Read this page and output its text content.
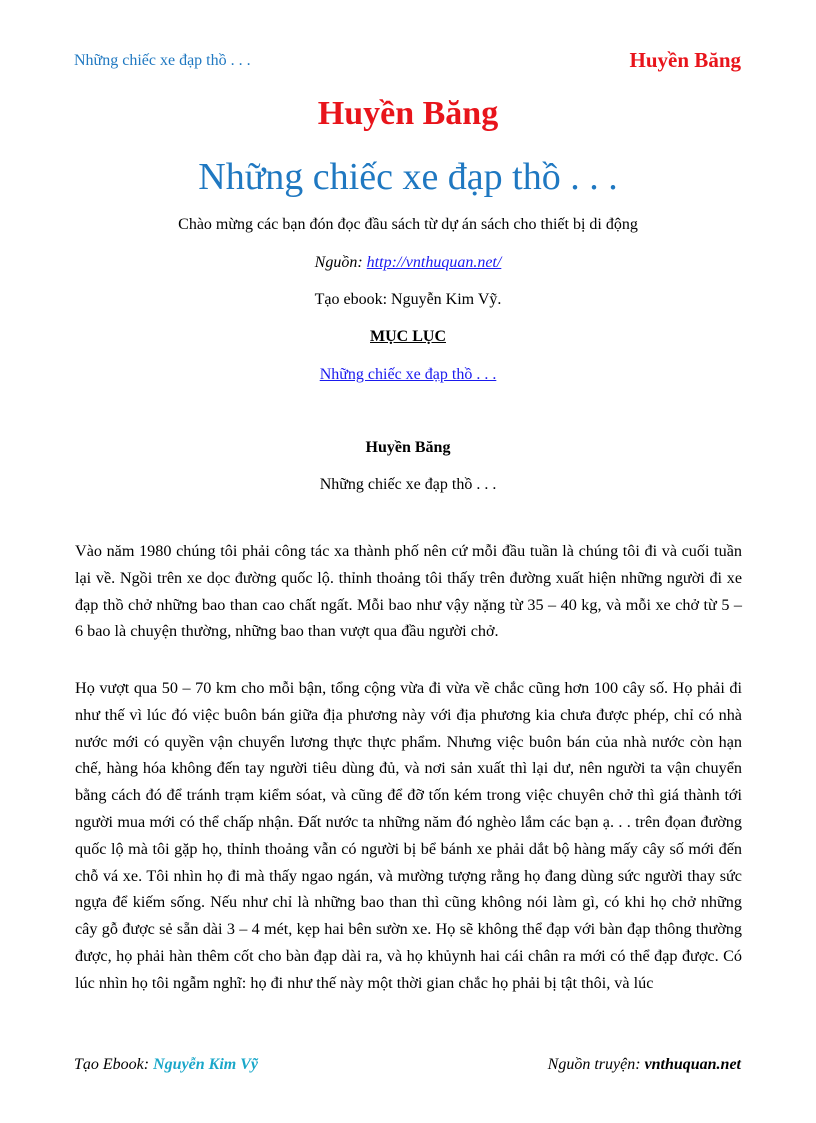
Những chiếc xe đạp thồ . . .	Huyền Băng
Huyền Băng
Những chiếc xe đạp thồ . . .
Chào mừng các bạn đón đọc đầu sách từ dự án sách cho thiết bị di động
Nguồn: http://vnthuquan.net/
Tạo ebook: Nguyễn Kim Vỹ.
MỤC LỤC
Những chiếc xe đạp thồ . . .
Huyền Băng
Những chiếc xe đạp thồ . . .

Vào năm 1980 chúng tôi phải công tác xa thành phố nên cứ mỗi đầu tuần là chúng tôi đi và cuối tuần lại về. Ngồi trên xe dọc đường quốc lộ. thỉnh thoảng tôi thấy trên đường xuất hiện những người đi xe đạp thồ chở những bao than cao chất ngất. Mỗi bao như vậy nặng từ 35 – 40 kg, và mỗi xe chở từ 5 – 6 bao là chuyện thường, những bao than vượt qua đầu người chở.

Họ vượt qua 50 – 70 km cho mỗi bận, tổng cộng vừa đi vừa về chắc cũng hơn 100 cây số. Họ phải đi như thế vì lúc đó việc buôn bán giữa địa phương này với địa phương kia chưa được phép, chỉ có nhà nước mới có quyền vận chuyển lương thực thực phẩm. Nhưng việc buôn bán của nhà nước còn hạn chế, hàng hóa không đến tay người tiêu dùng đủ, và nơi sản xuất thì lại dư, nên người ta vận chuyển bằng cách đó để tránh trạm kiểm sóat, và cũng để đỡ tốn kém trong việc chuyên chở thì giá thành tới người mua mới có thể chấp nhận. Đất nước ta những năm đó nghèo lắm các bạn ạ. . . trên đọan đường quốc lộ mà tôi gặp họ, thỉnh thoảng vẫn có người bị bể bánh xe phải dắt bộ hàng mấy cây số mới đến chỗ vá xe. Tôi nhìn họ đi mà thấy ngao ngán, và mường tượng rằng họ đang dùng sức người thay sức ngựa để kiếm sống. Nếu như chỉ là những bao than thì cũng không nói làm gì, có khi họ chở những cây gỗ được sẻ sẵn dài 3 – 4 mét, kẹp hai bên sườn xe. Họ sẽ không thể đạp với bàn đạp thông thường được, họ phải hàn thêm cốt cho bàn đạp dài ra, và họ khủynh hai cái chân ra mới có thể đạp được. Có lúc nhìn họ tôi ngẫm nghĩ: họ đi như thế này một thời gian chắc họ phải bị tật thôi, và lúc

Tạo Ebook: Nguyễn Kim Vỹ	Nguồn truyện: vnthuquan.net
